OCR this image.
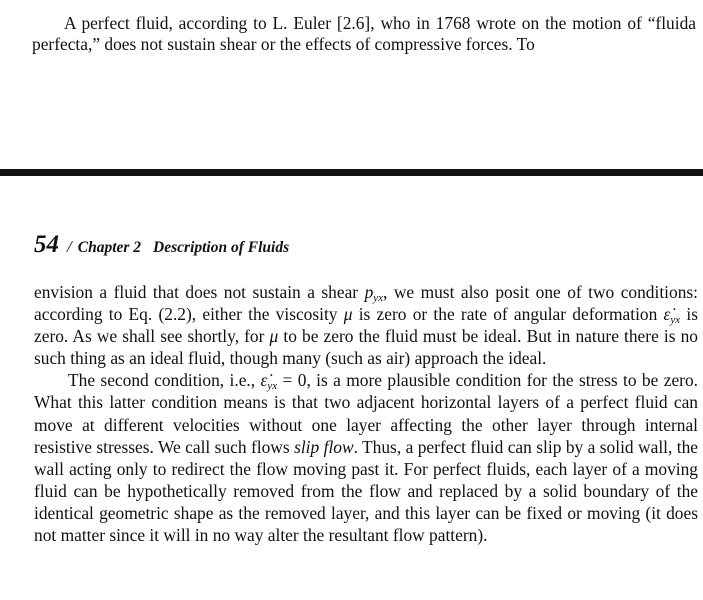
A perfect fluid, according to L. Euler [2.6], who in 1768 wrote on the motion of “fluida perfecta,” does not sustain shear or the effects of compressive forces. To
54 / Chapter 2 Description of Fluids

envision a fluid that does not sustain a shear $p_{yx}$, we must also posit one of two conditions: according to Eq. (2.2), either the viscosity μ is zero or the rate of angular deformation $\varepsiloṅ_{yx}$ is zero. As we shall see shortly, for μ to be zero the fluid must be ideal. But in nature there is no such thing as an ideal fluid, though many (such as air) approach the ideal.

The second condition, i.e., $\varepsiloṅ_{yx} = 0$, is a more plausible condition for the stress to be zero. What this latter condition means is that two adjacent horizontal layers of a perfect fluid can move at different velocities without one layer affecting the other layer through internal resistive stresses. We call such flows slip flow. Thus, a perfect fluid can slip by a solid wall, the wall acting only to redirect the flow moving past it. For perfect fluids, each layer of a moving fluid can be hypothetically removed from the flow and replaced by a solid boundary of the identical geometric shape as the removed layer, and this layer can be fixed or moving (it does not matter since it will in no way alter the resultant flow pattern).
